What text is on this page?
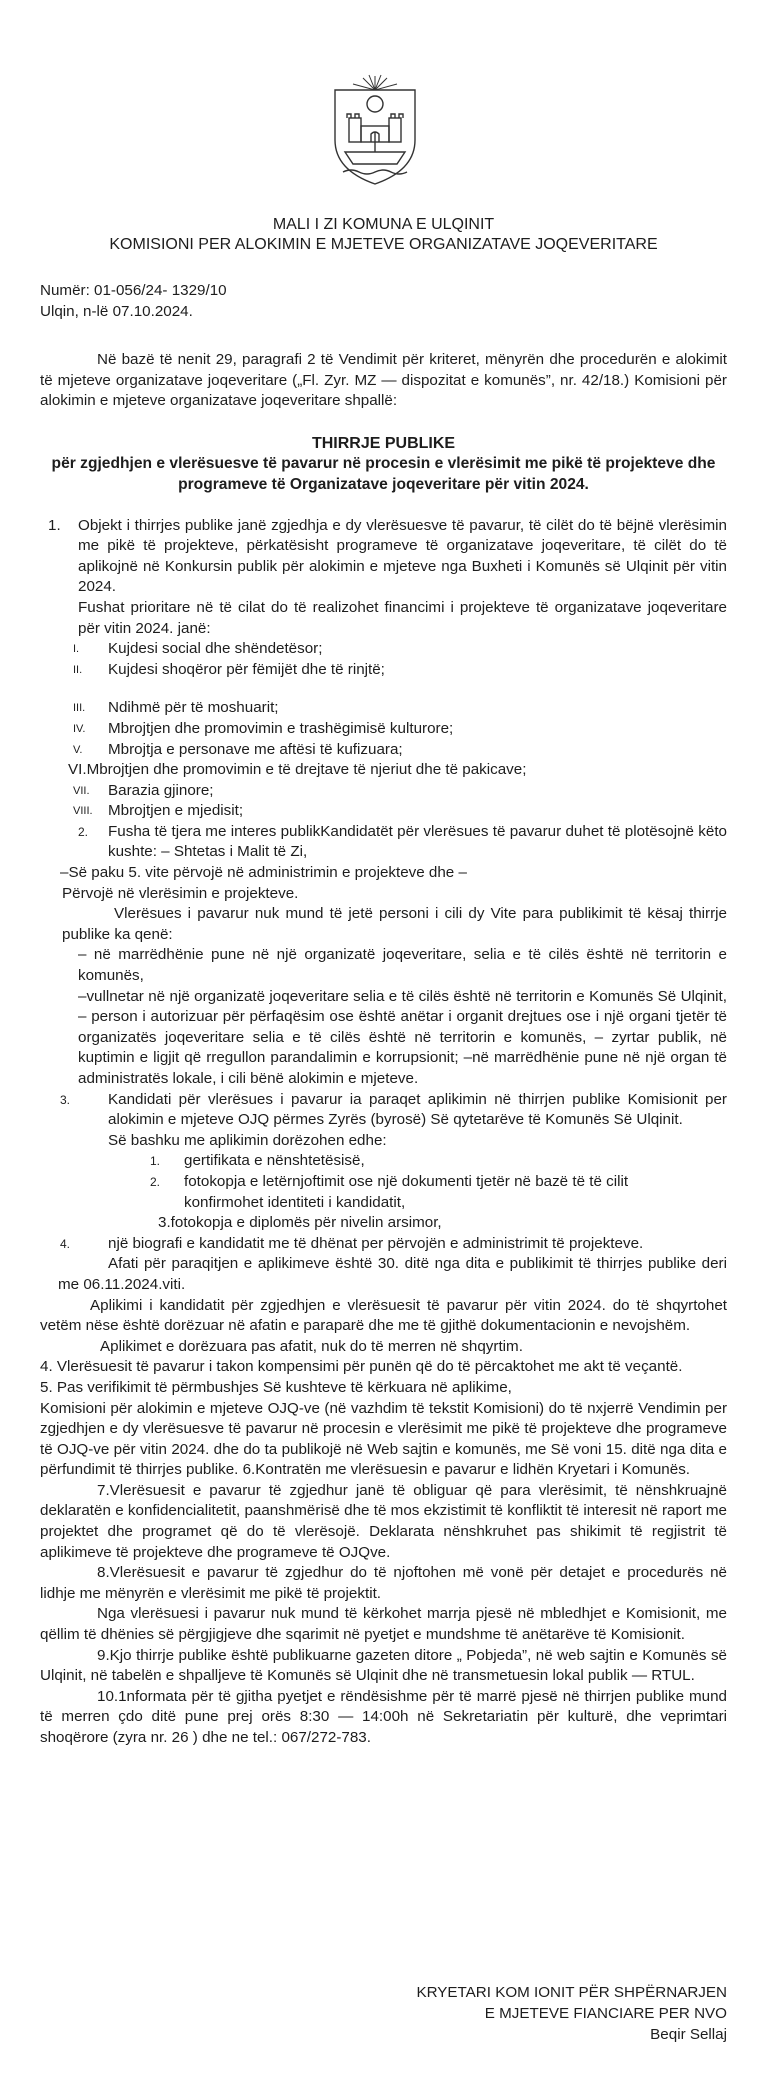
MALI I ZI KOMUNA E ULQINIT
KOMISIONI PER ALOKIMIN E MJETEVE ORGANIZATAVE JOQEVERITARE
Numër: 01-056/24- 1329/10
Ulqin, n-lë 07.10.2024.

Në bazë të nenit 29, paragrafi 2 të Vendimit për kriteret, mënyrën dhe procedurën e alokimit të mjeteve organizatave joqeveritare („Fl. Zyr. MZ — dispozitat e komunës”, nr. 42/18.) Komisioni për alokimin e mjeteve organizatave joqeveritare shpallë:

THIRRJE PUBLIKE
për zgjedhjen e vlerësuesve të pavarur në procesin e vlerësimit me pikë të projekteve dhe programeve të Organizatave joqeveritare për vitin 2024.
1.	Objekt i thirrjes publike janë zgjedhja e dy vlerësuesve të pavarur, të cilët do të bëjnë vlerësimin me pikë të projekteve, përkatësisht programeve të organizatave joqeveritare, të cilët do të aplikojnë në Konkursin publik për alokimin e mjeteve nga Buxheti i Komunës së Ulqinit për vitin 2024.

Fushat prioritare në të cilat do të realizohet financimi i projekteve të organizatave joqeveritare për vitin 2024. janë:

I.	Kujdesi social dhe shëndetësor;
II.	Kujdesi shoqëror për fëmijët dhe të rinjtë;
III.	Ndihmë për të moshuarit;
IV.	Mbrojtjen dhe promovimin e trashëgimisë kulturore;
V.	Mbrojtja e personave me aftësi të kufizuara;
VI. Mbrojtjen dhe promovimin e të drejtave të njeriut dhe të pakicave;
VII.	Barazia gjinore;
VIII.	Mbrojtjen e mjedisit;
2.	Fusha të tjera me interes publikKandidatët për vlerësues të pavarur duhet të plotësojnë këto kushte: – Shtetas i Malit të Zi,

–Së paku 5. vite përvojë në administrimin e projekteve dhe –

Përvojë në vlerësimin e projekteve.

Vlerësues i pavarur nuk mund të jetë personi i cili dy Vite para publikimit të kësaj thirrje publike ka qenë:

– në marrëdhënie pune në një organizatë joqeveritare, selia e të cilës është në territorin e komunës,

–vullnetar në një organizatë joqeveritare selia e të cilës është në territorin e Komunës Së Ulqinit, – person i autorizuar për përfaqësim ose është anëtar i organit drejtues ose i një organi tjetër të organizatës joqeveritare selia e të cilës është në territorin e komunës, – zyrtar publik, në kuptimin e ligjit që rregullon parandalimin e korrupsionit; –në marrëdhënie pune në një organ të administratës lokale, i cili bënë alokimin e mjeteve.

3.	Kandidati për vlerësues i pavarur ia paraqet aplikimin në thirrjen publike Komisionit per alokimin e mjeteve OJQ përmes Zyrës (byrosë) Së qytetarëve të Komunës Së Ulqinit.

Së bashku me aplikimin dorëzohen edhe:

1.	gertifikata e nënshtetësisë,
2.	fotokopja e letërnjoftimit ose një dokumenti tjetër në bazë të të cilit konfirmohet identiteti i kandidatit,

3.fotokopja e diplomës për nivelin arsimor,

4.	një biografi e kandidatit me të dhënat per përvojën e administrimit të projekteve.

Afati për paraqitjen e aplikimeve është 30. ditë nga dita e publikimit të thirrjes publike deri me 06.11.2024.viti.

Aplikimi i kandidatit për zgjedhjen e vlerësuesit të pavarur për vitin 2024. do të shqyrtohet vetëm nëse është dorëzuar në afatin e paraparë dhe me të gjithë dokumentacionin e nevojshëm.

Aplikimet e dorëzuara pas afatit, nuk do të merren në shqyrtim.

4. Vlerësuesit të pavarur i takon kompensimi për punën që do të përcaktohet me akt të veçantë.

5. Pas verifikimit të përmbushjes Së kushteve të kërkuara në aplikime,

Komisioni për alokimin e mjeteve OJQ-ve (në vazhdim të tekstit Komisioni) do të nxjerrë Vendimin per zgjedhjen e dy vlerësuesve të pavarur në procesin e vlerësimit me pikë të projekteve dhe programeve të OJQ-ve për vitin 2024. dhe do ta publikojë në Web sajtin e komunës, me Së voni 15. ditë nga dita e përfundimit të thirrjes publike. 6.Kontratën me vlerësuesin e pavarur e lidhën Kryetari i Komunës.

7.Vlerësuesit e pavarur të zgjedhur janë të obliguar që para vlerësimit, të nënshkruajnë deklaratën e konfidencialitetit, paanshmërisë dhe të mos ekzistimit të konfliktit të interesit në raport me projektet dhe programet që do të vlerësojë. Deklarata nënshkruhet pas shikimit të regjistrit të aplikimeve të projekteve dhe programeve të OJQve.

8.Vlerësuesit e pavarur të zgjedhur do të njoftohen më vonë për detajet e procedurës në lidhje me mënyrën e vlerësimit me pikë të projektit.

Nga vlerësuesi i pavarur nuk mund të kërkohet marrja pjesë në mbledhjet e Komisionit, me qëllim të dhënies së përgjigjeve dhe sqarimit në pyetjet e mundshme të anëtarëve të Komisionit.

9.Kjo thirrje publike është publikuarne gazeten ditore „ Pobjeda”, në web sajtin e Komunës së Ulqinit, në tabelën e shpalljeve të Komunës së Ulqinit dhe në transmetuesin lokal publik — RTUL.

10.1nformata për të gjitha pyetjet e rëndësishme për të marrë pjesë në thirrjen publike mund të merren çdo ditë pune prej orës 8:30 — 14:00h në Sekretariatin për kulturë, dhe veprimtari shoqërore (zyra nr. 26 ) dhe ne tel.: 067/272-783.

KRYETARI KOM IONIT PËR SHPËRNARJEN
E MJETEVE FIANCIARE PER NVO
Beqir Sellaj
